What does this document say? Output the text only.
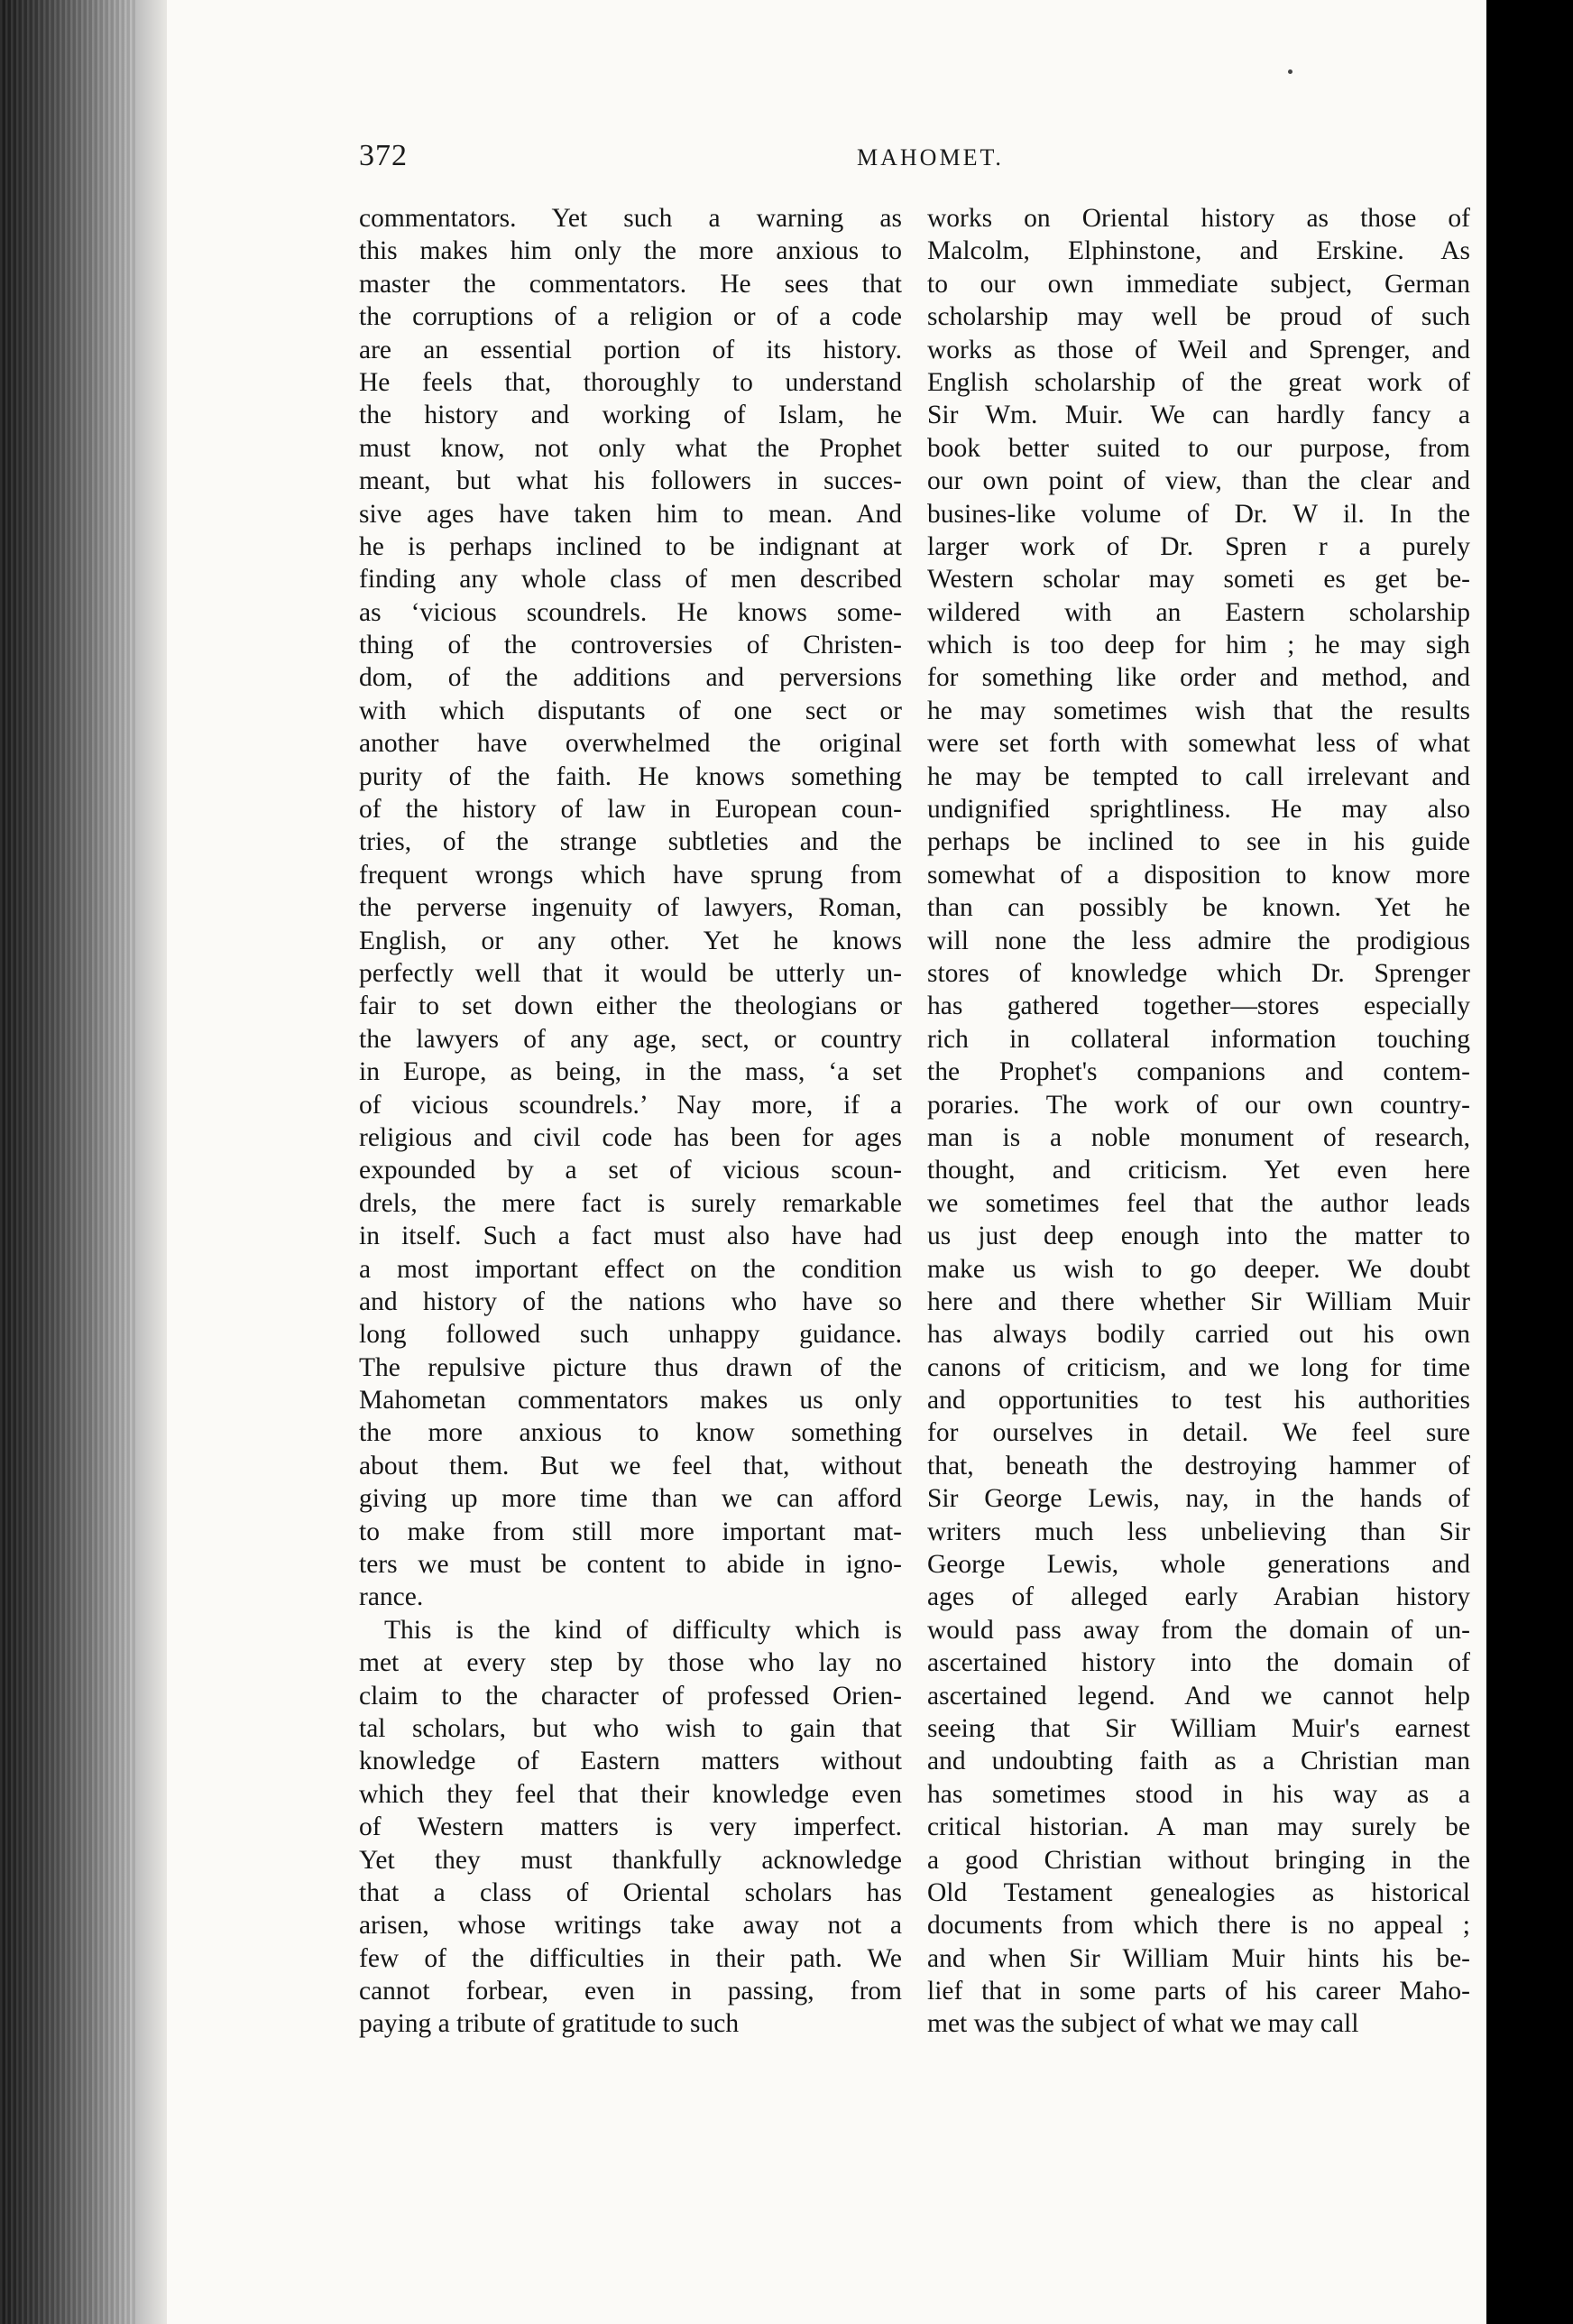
372	MAHOMET.
commentators. Yet such a warning as
this makes him only the more anxious to
master the commentators. He sees that
the corruptions of a religion or of a code
are an essential portion of its history.
He feels that, thoroughly to understand
the history and working of Islam, he
must know, not only what the Prophet
meant, but what his followers in succes-
sive ages have taken him to mean. And
he is perhaps inclined to be indignant at
finding any whole class of men described
as ‘vicious scoundrels. He knows some-
thing of the controversies of Christen-
dom, of the additions and perversions
with which disputants of one sect or
another have overwhelmed the original
purity of the faith. He knows something
of the history of law in European coun-
tries, of the strange subtleties and the
frequent wrongs which have sprung from
the perverse ingenuity of lawyers, Roman,
English, or any other. Yet he knows
perfectly well that it would be utterly un-
fair to set down either the theologians or
the lawyers of any age, sect, or country
in Europe, as being, in the mass, ‘a set
of vicious scoundrels.’ Nay more, if a
religious and civil code has been for ages
expounded by a set of vicious scoun-
drels, the mere fact is surely remarkable
in itself. Such a fact must also have had
a most important effect on the condition
and history of the nations who have so
long followed such unhappy guidance.
The repulsive picture thus drawn of the
Mahometan commentators makes us only
the more anxious to know something
about them. But we feel that, without
giving up more time than we can afford
to make from still more important mat-
ters we must be content to abide in igno-
rance.
This is the kind of difficulty which is
met at every step by those who lay no
claim to the character of professed Orien-
tal scholars, but who wish to gain that
knowledge of Eastern matters without
which they feel that their knowledge even
of Western matters is very imperfect.
Yet they must thankfully acknowledge
that a class of Oriental scholars has
arisen, whose writings take away not a
few of the difficulties in their path. We
cannot forbear, even in passing, from
paying a tribute of gratitude to such
works on Oriental history as those of
Malcolm, Elphinstone, and Erskine. As
to our own immediate subject, German
scholarship may well be proud of such
works as those of Weil and Sprenger, and
English scholarship of the great work of
Sir Wm. Muir. We can hardly fancy a
book better suited to our purpose, from
our own point of view, than the clear and
busines-like volume of Dr. W il. In the
larger work of Dr. Spren r a purely
Western scholar may someti es get be-
wildered with an Eastern scholarship
which is too deep for him ; he may sigh
for something like order and method, and
he may sometimes wish that the results
were set forth with somewhat less of what
he may be tempted to call irrelevant and
undignified sprightliness. He may also
perhaps be inclined to see in his guide
somewhat of a disposition to know more
than can possibly be known. Yet he
will none the less admire the prodigious
stores of knowledge which Dr. Sprenger
has gathered together—stores especially
rich in collateral information touching
the Prophet's companions and contem-
poraries. The work of our own country-
man is a noble monument of research,
thought, and criticism. Yet even here
we sometimes feel that the author leads
us just deep enough into the matter to
make us wish to go deeper. We doubt
here and there whether Sir William Muir
has always bodily carried out his own
canons of criticism, and we long for time
and opportunities to test his authorities
for ourselves in detail. We feel sure
that, beneath the destroying hammer of
Sir George Lewis, nay, in the hands of
writers much less unbelieving than Sir
George Lewis, whole generations and
ages of alleged early Arabian history
would pass away from the domain of un-
ascertained history into the domain of
ascertained legend. And we cannot help
seeing that Sir William Muir's earnest
and undoubting faith as a Christian man
has sometimes stood in his way as a
critical historian. A man may surely be
a good Christian without bringing in the
Old Testament genealogies as historical
documents from which there is no appeal ;
and when Sir William Muir hints his be-
lief that in some parts of his career Maho-
met was the subject of what we may call
